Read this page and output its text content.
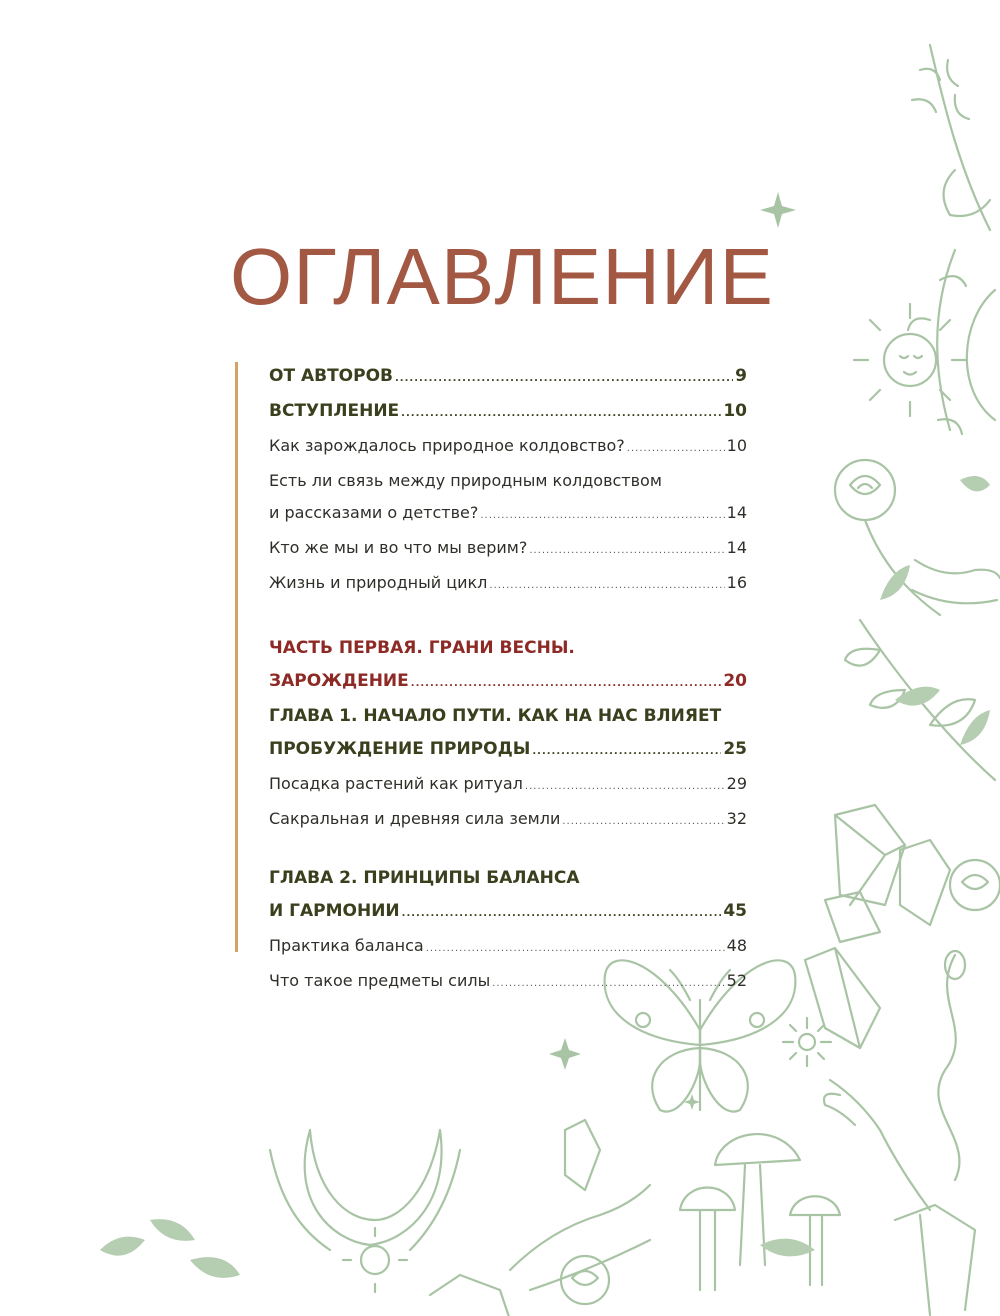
ОГЛАВЛЕНИЕ
ОТ АВТОРОВ .....	9
ВСТУПЛЕНИЕ .....	10
Как зарождалось природное колдовство? .....	10
Есть ли связь между природным колдовством
и рассказами о детстве? .....	14
Кто же мы и во что мы верим? .....	14
Жизнь и природный цикл .....	16
ЧАСТЬ ПЕРВАЯ. ГРАНИ ВЕСНЫ.
ЗАРОЖДЕНИЕ .....	20
ГЛАВА 1. НАЧАЛО ПУТИ. КАК НА НАС ВЛИЯЕТ
ПРОБУЖДЕНИЕ ПРИРОДЫ .....	25
Посадка растений как ритуал .....	29
Сакральная и древняя сила земли .....	32
ГЛАВА 2. ПРИНЦИПЫ БАЛАНСА
И ГАРМОНИИ .....	45
Практика баланса .....	48
Что такое предметы силы .....	52
